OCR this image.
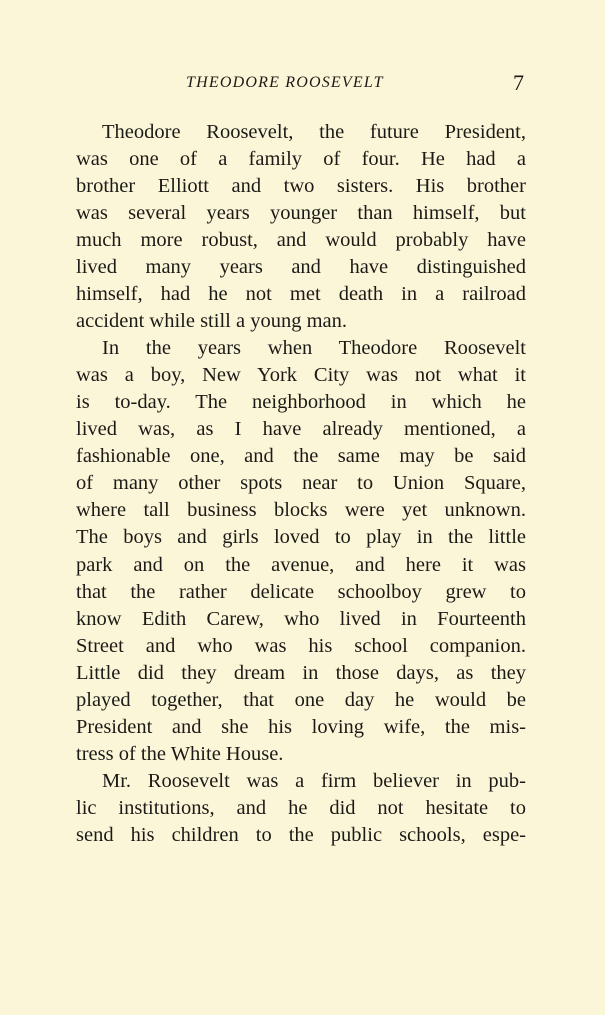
THEODORE ROOSEVELT	7
Theodore Roosevelt, the future President,
was one of a family of four. He had a
brother Elliott and two sisters. His brother
was several years younger than himself, but
much more robust, and would probably have
lived many years and have distinguished
himself, had he not met death in a railroad
accident while still a young man.
In the years when Theodore Roosevelt
was a boy, New York City was not what it
is to-day. The neighborhood in which he
lived was, as I have already mentioned, a
fashionable one, and the same may be said
of many other spots near to Union Square,
where tall business blocks were yet unknown.
The boys and girls loved to play in the little
park and on the avenue, and here it was
that the rather delicate schoolboy grew to
know Edith Carew, who lived in Fourteenth
Street and who was his school companion.
Little did they dream in those days, as they
played together, that one day he would be
President and she his loving wife, the mis-
tress of the White House.
Mr. Roosevelt was a firm believer in pub-
lic institutions, and he did not hesitate to
send his children to the public schools, espe-
